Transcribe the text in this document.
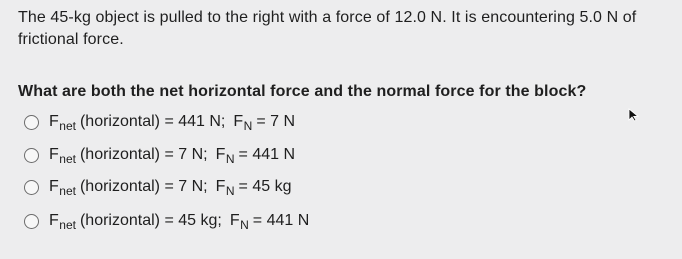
The 45-kg object is pulled to the right with a force of 12.0 N. It is encountering 5.0 N of frictional force.
What are both the net horizontal force and the normal force for the block?
F net (horizontal) = 441 N; F N = 7 N
F net (horizontal) = 7 N; F N = 441 N
F net (horizontal) = 7 N; F N = 45 kg
F net (horizontal) = 45 kg; F N = 441 N
